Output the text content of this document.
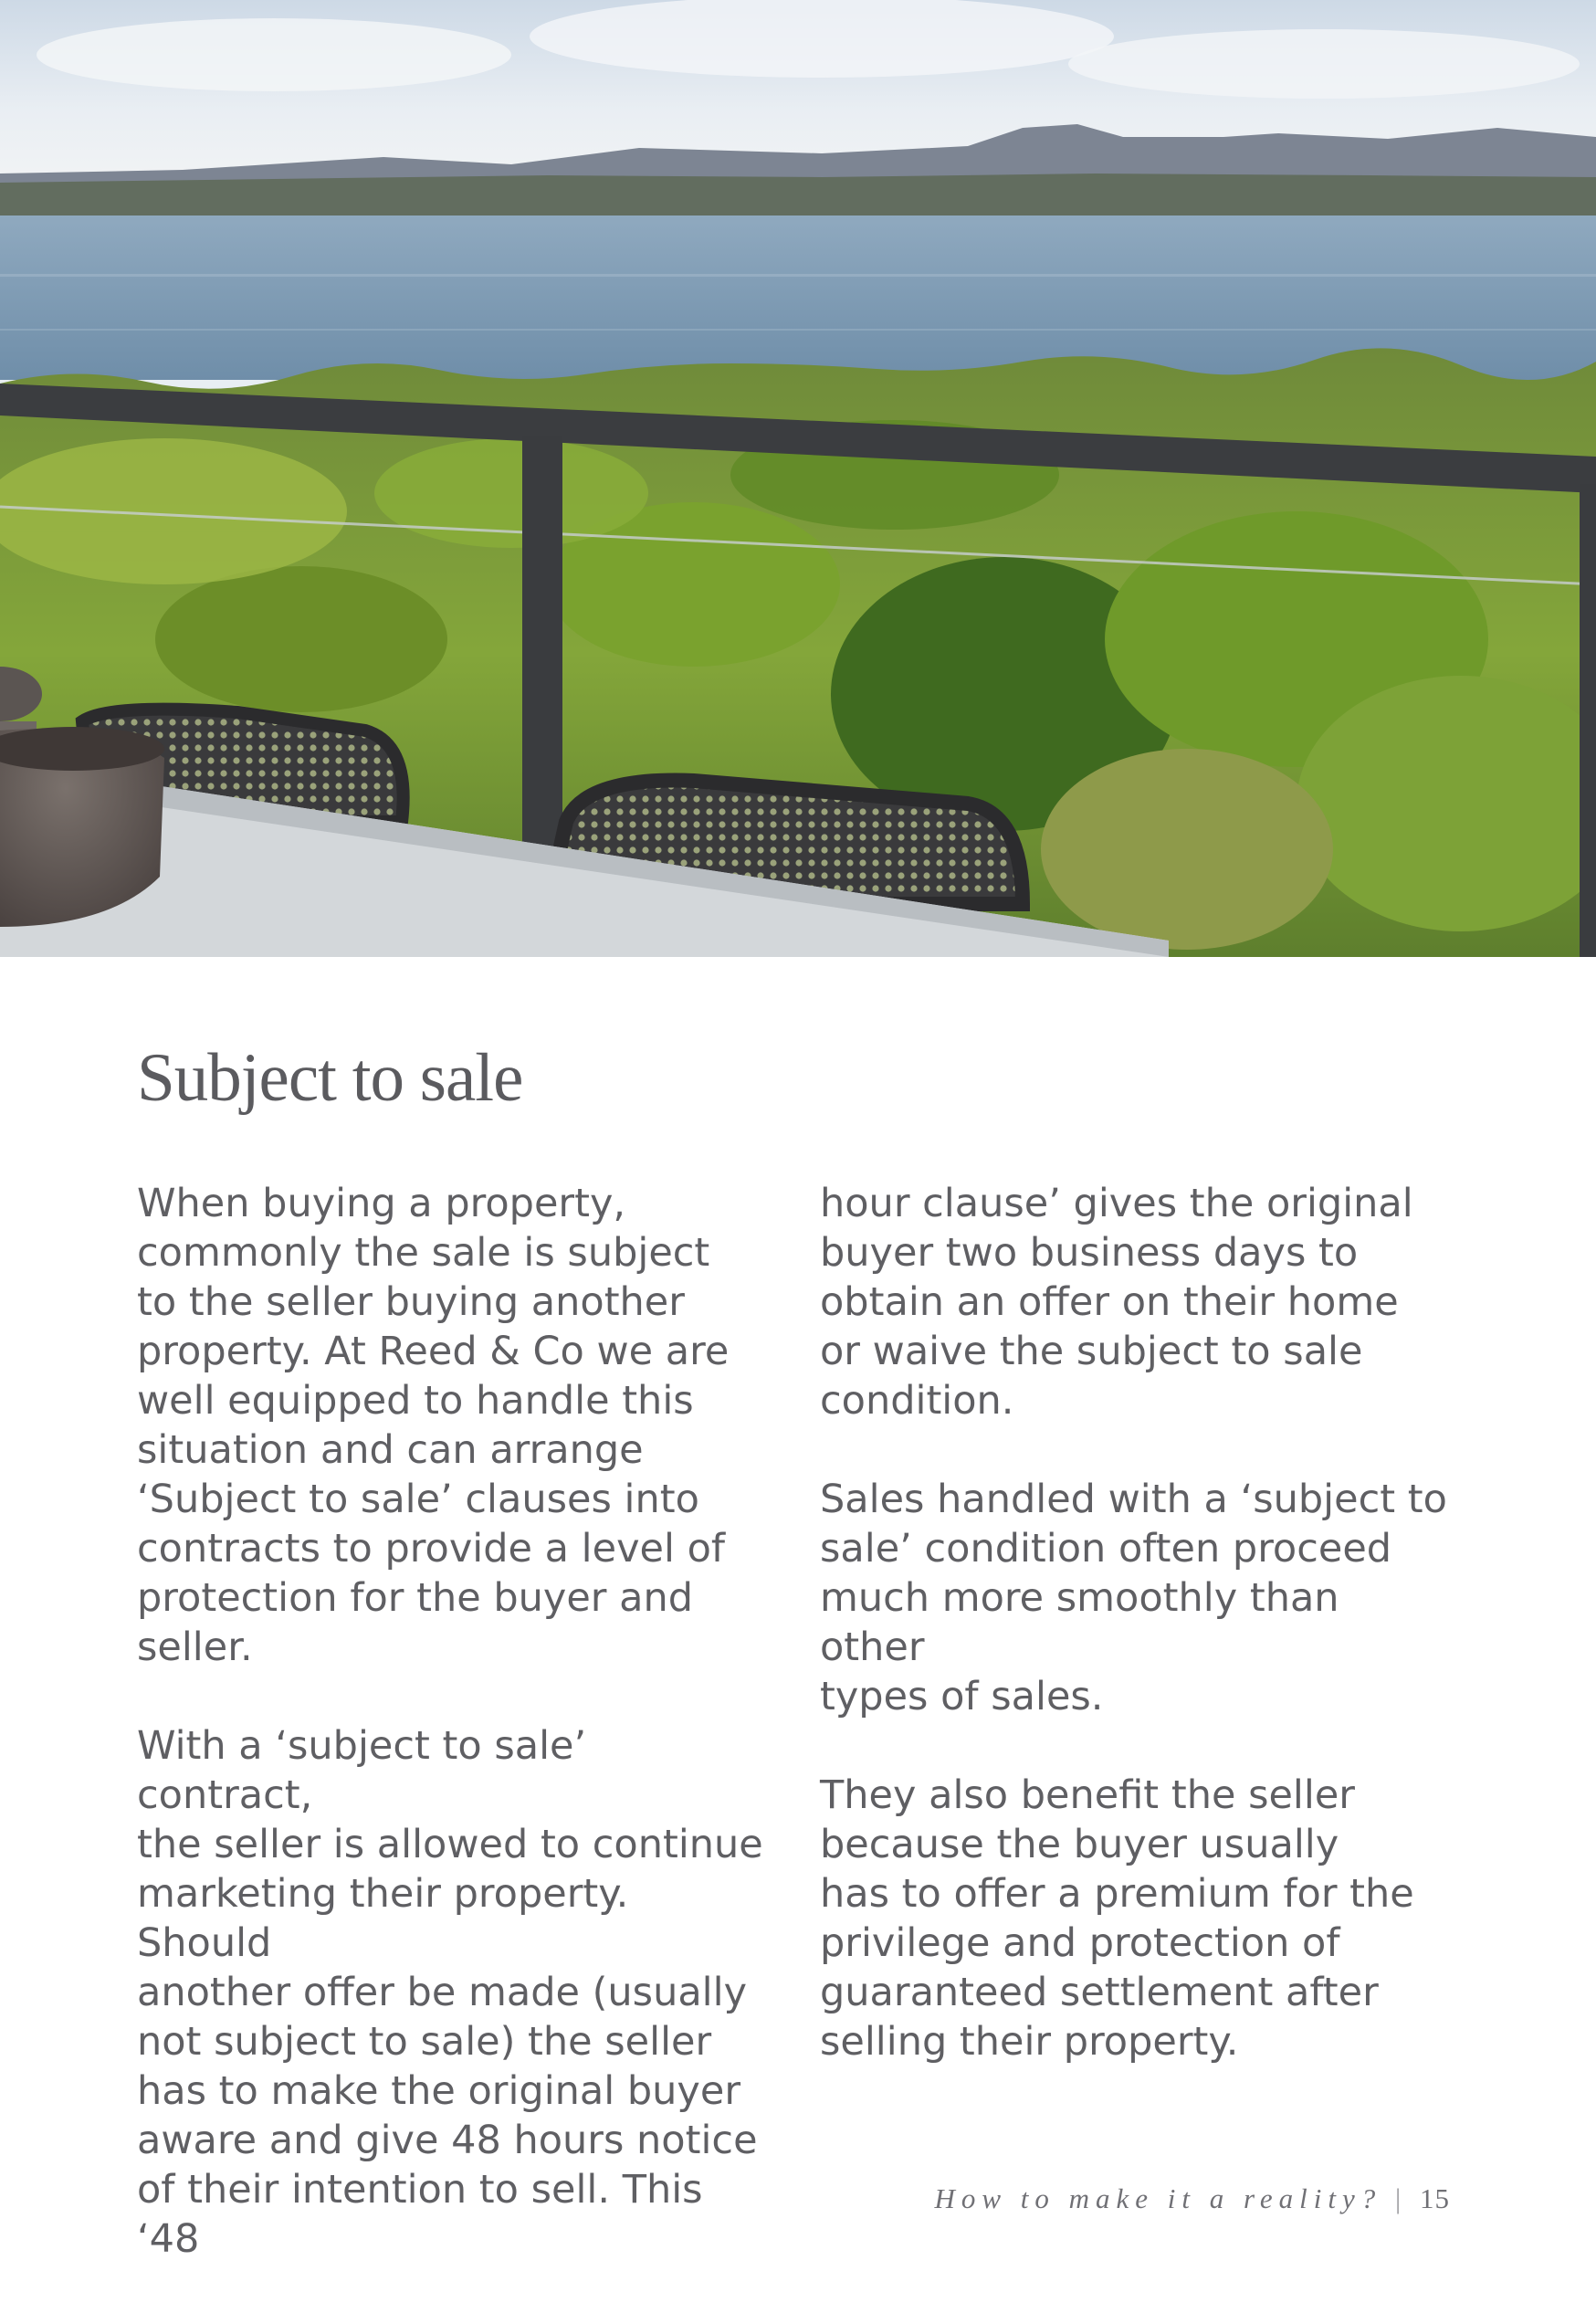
Subject to sale

When buying a property,
commonly the sale is subject
to the seller buying another
property. At Reed & Co we are
well equipped to handle this
situation and can arrange
‘Subject to sale’ clauses into
contracts to provide a level of
protection for the buyer and
seller.

With a ‘subject to sale’ contract,
the seller is allowed to continue
marketing their property. Should
another offer be made (usually
not subject to sale) the seller
has to make the original buyer
aware and give 48 hours notice
of their intention to sell. This ‘48

hour clause’ gives the original
buyer two business days to
obtain an offer on their home
or waive the subject to sale
condition.

Sales handled with a ‘subject to
sale’ condition often proceed
much more smoothly than other
types of sales.

They also benefit the seller
because the buyer usually
has to offer a premium for the
privilege and protection of
guaranteed settlement after
selling their property.

How to make it a reality? | 15
